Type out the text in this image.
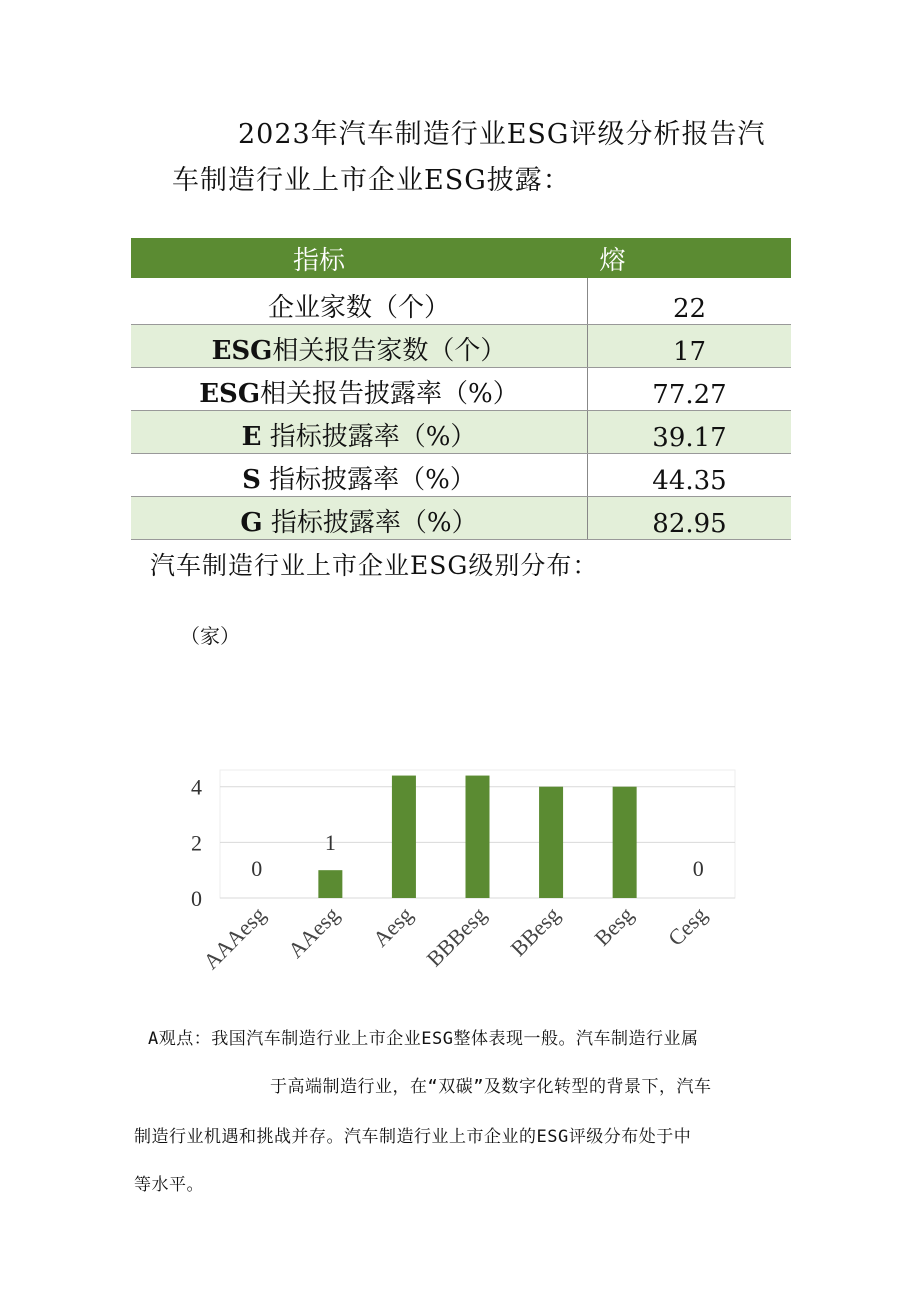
2023年汽车制造行业ESG评级分析报告汽
车制造行业上市企业ESG披露：
指标	熔
企业家数（个）	22
ESG相关报告家数（个）	17
ESG相关报告披露率（%）	77.27
E 指标披露率（%）	39.17
S 指标披露率（%）	44.35
G 指标披露率（%）	82.95
汽车制造行业上市企业ESG级别分布：
（家）
0
2
4
0
AAAesg
1
AAesg Aesg BBBesg BBesg Besg
0
Cesg
A观点：我国汽车制造行业上市企业ESG整体表现一般。汽车制造行业属
于高端制造行业，在“双碳”及数字化转型的背景下，汽车
制造行业机遇和挑战并存。汽车制造行业上市企业的ESG评级分布处于中
等水平。
